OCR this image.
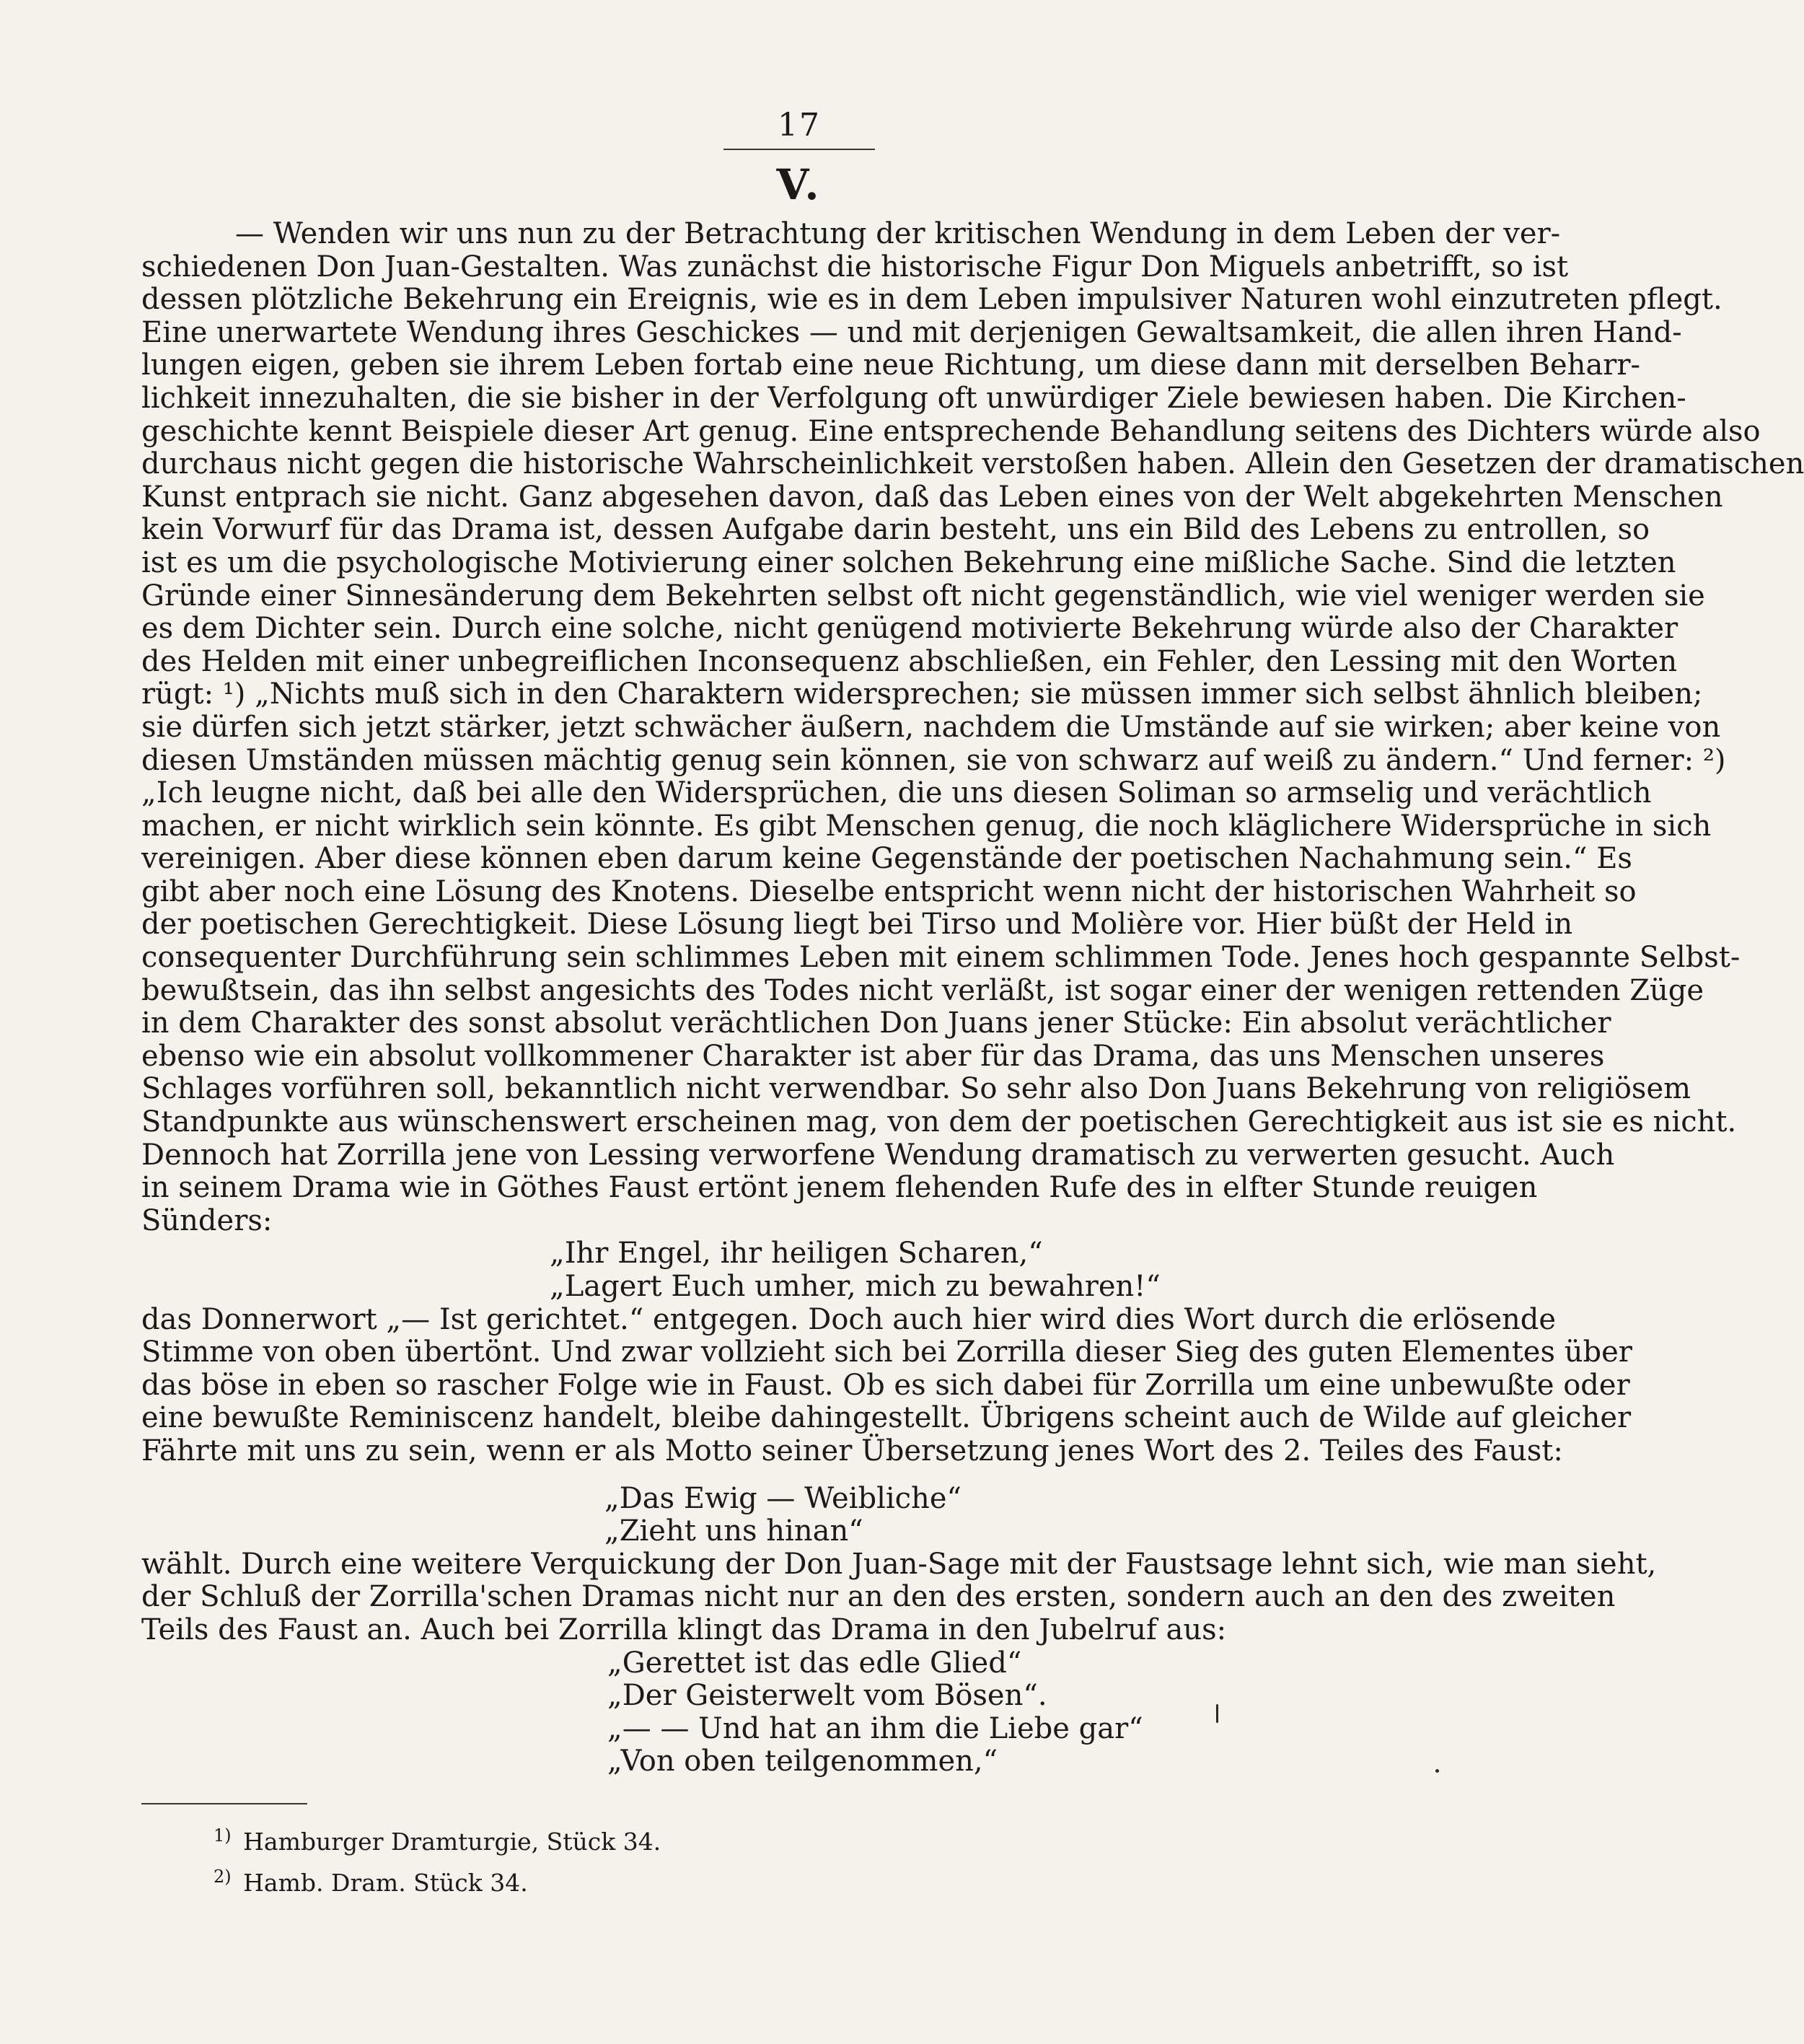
17
V.
— Wenden wir uns nun zu der Betrachtung der kritischen Wendung in dem Leben der ver-
schiedenen Don Juan-Gestalten. Was zunächst die historische Figur Don Miguels anbetrifft, so ist
dessen plötzliche Bekehrung ein Ereignis, wie es in dem Leben impulsiver Naturen wohl einzutreten pflegt.
Eine unerwartete Wendung ihres Geschickes — und mit derjenigen Gewaltsamkeit, die allen ihren Hand-
lungen eigen, geben sie ihrem Leben fortab eine neue Richtung, um diese dann mit derselben Beharr-
lichkeit innezuhalten, die sie bisher in der Verfolgung oft unwürdiger Ziele bewiesen haben. Die Kirchen-
geschichte kennt Beispiele dieser Art genug. Eine entsprechende Behandlung seitens des Dichters würde also
durchaus nicht gegen die historische Wahrscheinlichkeit verstoßen haben. Allein den Gesetzen der dramatischen
Kunst entprach sie nicht. Ganz abgesehen davon, daß das Leben eines von der Welt abgekehrten Menschen
kein Vorwurf für das Drama ist, dessen Aufgabe darin besteht, uns ein Bild des Lebens zu entrollen, so
ist es um die psychologische Motivierung einer solchen Bekehrung eine mißliche Sache. Sind die letzten
Gründe einer Sinnesänderung dem Bekehrten selbst oft nicht gegenständlich, wie viel weniger werden sie
es dem Dichter sein. Durch eine solche, nicht genügend motivierte Bekehrung würde also der Charakter
des Helden mit einer unbegreiflichen Inconsequenz abschließen, ein Fehler, den Lessing mit den Worten
rügt: ¹) „Nichts muß sich in den Charaktern widersprechen; sie müssen immer sich selbst ähnlich bleiben;
sie dürfen sich jetzt stärker, jetzt schwächer äußern, nachdem die Umstände auf sie wirken; aber keine von
diesen Umständen müssen mächtig genug sein können, sie von schwarz auf weiß zu ändern.“ Und ferner: ²)
„Ich leugne nicht, daß bei alle den Widersprüchen, die uns diesen Soliman so armselig und verächtlich
machen, er nicht wirklich sein könnte. Es gibt Menschen genug, die noch kläglichere Widersprüche in sich
vereinigen. Aber diese können eben darum keine Gegenstände der poetischen Nachahmung sein.“ Es
gibt aber noch eine Lösung des Knotens. Dieselbe entspricht wenn nicht der historischen Wahrheit so
der poetischen Gerechtigkeit. Diese Lösung liegt bei Tirso und Molière vor. Hier büßt der Held in
consequenter Durchführung sein schlimmes Leben mit einem schlimmen Tode. Jenes hoch gespannte Selbst-
bewußtsein, das ihn selbst angesichts des Todes nicht verläßt, ist sogar einer der wenigen rettenden Züge
in dem Charakter des sonst absolut verächtlichen Don Juans jener Stücke: Ein absolut verächtlicher
ebenso wie ein absolut vollkommener Charakter ist aber für das Drama, das uns Menschen unseres
Schlages vorführen soll, bekanntlich nicht verwendbar. So sehr also Don Juans Bekehrung von religiösem
Standpunkte aus wünschenswert erscheinen mag, von dem der poetischen Gerechtigkeit aus ist sie es nicht.
Dennoch hat Zorrilla jene von Lessing verworfene Wendung dramatisch zu verwerten gesucht. Auch
in seinem Drama wie in Göthes Faust ertönt jenem flehenden Rufe des in elfter Stunde reuigen
Sünders:
„Ihr Engel, ihr heiligen Scharen,“
„Lagert Euch umher, mich zu bewahren!“
das Donnerwort „— Ist gerichtet.“ entgegen. Doch auch hier wird dies Wort durch die erlösende
Stimme von oben übertönt. Und zwar vollzieht sich bei Zorrilla dieser Sieg des guten Elementes über
das böse in eben so rascher Folge wie in Faust. Ob es sich dabei für Zorrilla um eine unbewußte oder
eine bewußte Reminiscenz handelt, bleibe dahingestellt. Übrigens scheint auch de Wilde auf gleicher
Fährte mit uns zu sein, wenn er als Motto seiner Übersetzung jenes Wort des 2. Teiles des Faust:
„Das Ewig — Weibliche“
„Zieht uns hinan“
wählt. Durch eine weitere Verquickung der Don Juan-Sage mit der Faustsage lehnt sich, wie man sieht,
der Schluß der Zorrilla'schen Dramas nicht nur an den des ersten, sondern auch an den des zweiten
Teils des Faust an. Auch bei Zorrilla klingt das Drama in den Jubelruf aus:
„Gerettet ist das edle Glied“
„Der Geisterwelt vom Bösen“.
„— — Und hat an ihm die Liebe gar“
„Von oben teilgenommen,“
$^{1)}$ Hamburger Dramturgie, Stück 34.
$^{2)}$ Hamb. Dram. Stück 34.
